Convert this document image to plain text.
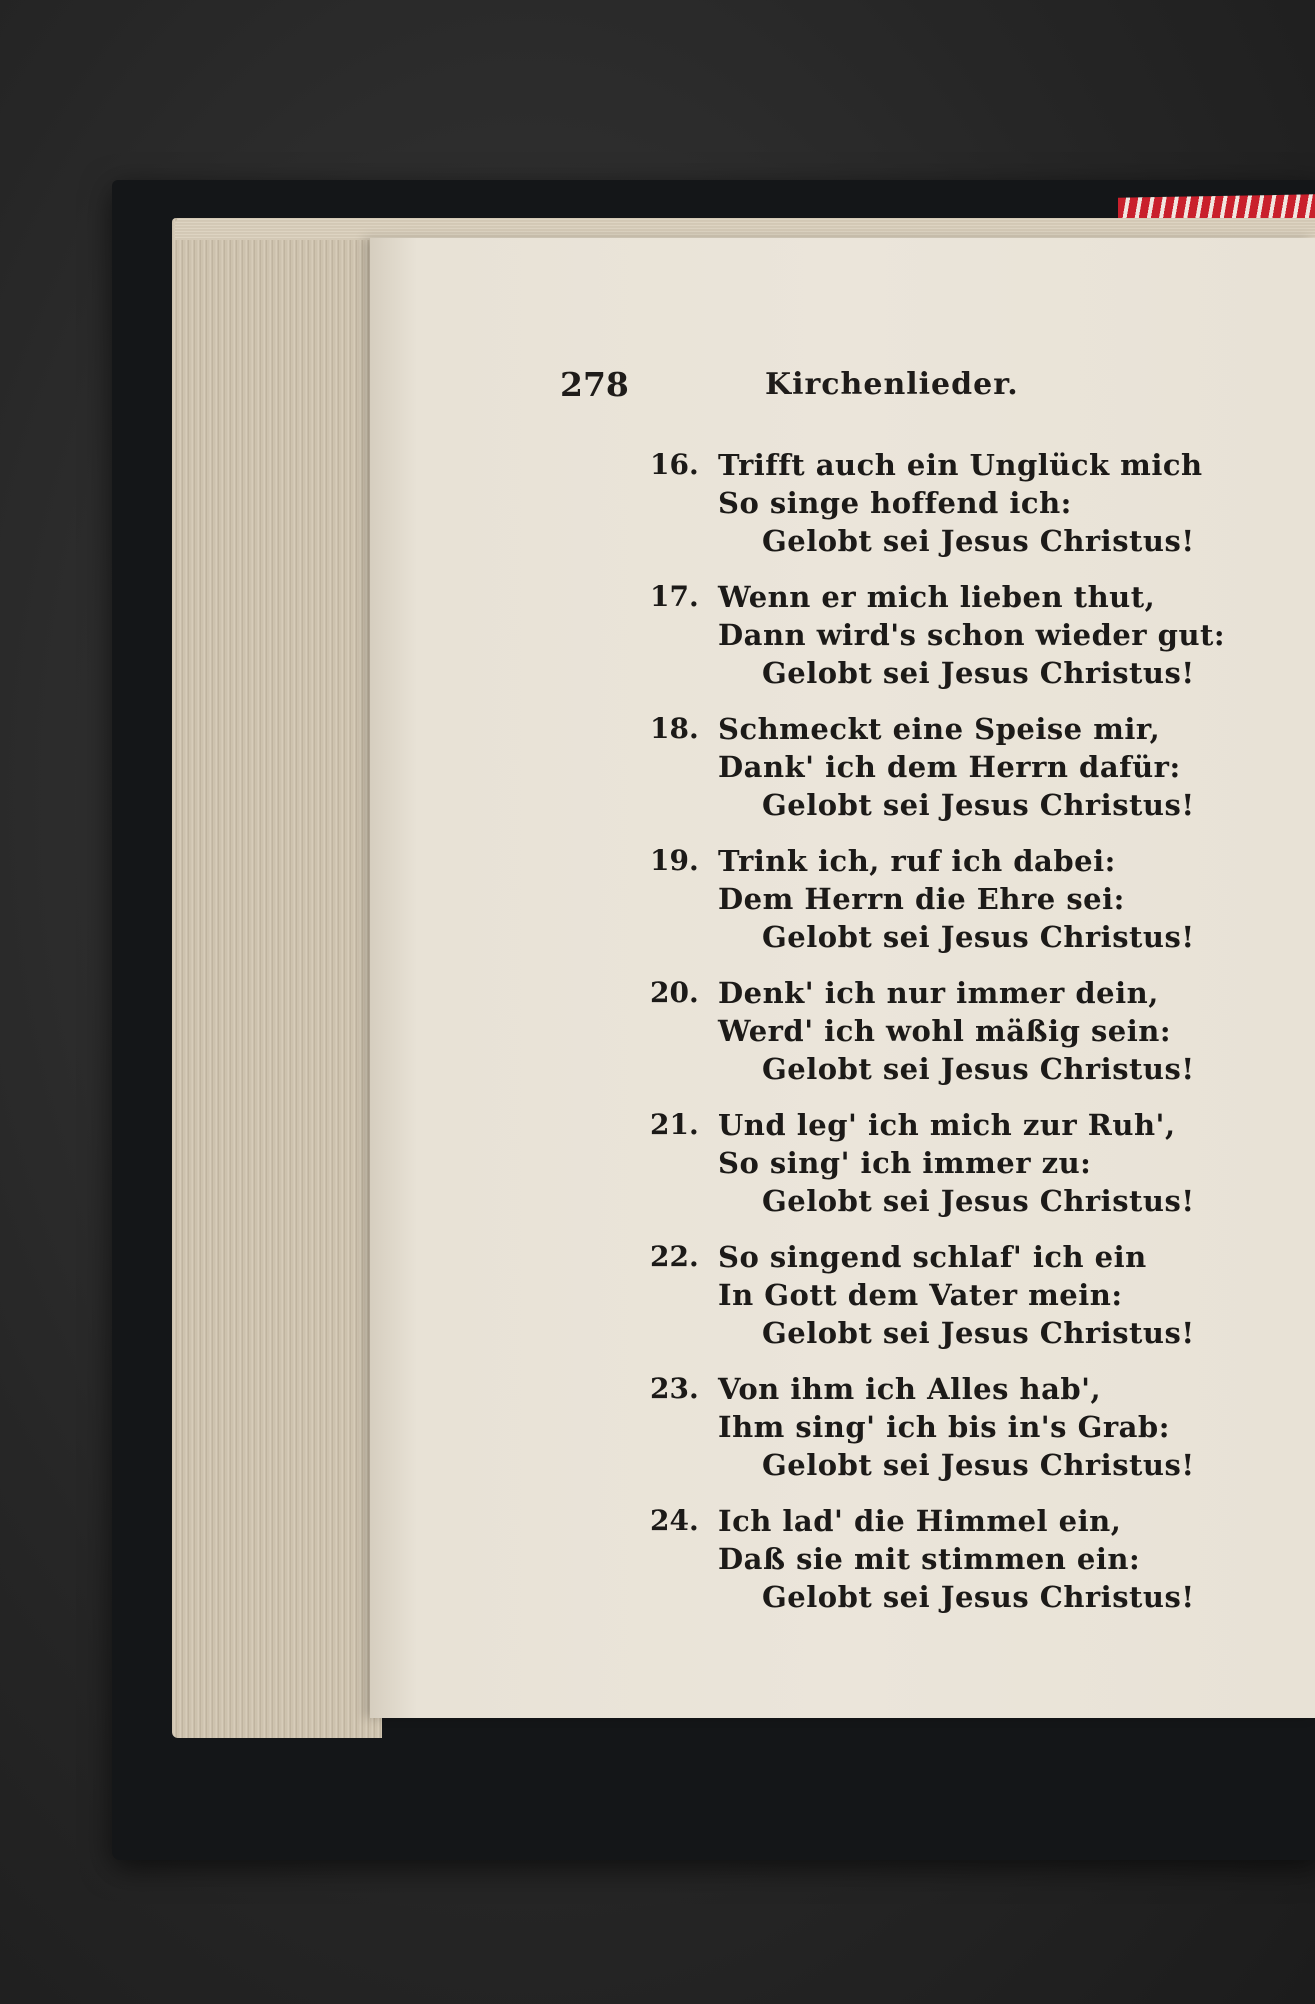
278	Kirchenlieder.
16. Trifft auch ein Unglück mich
So singe hoffend ich:
Gelobt sei Jesus Christus!
17. Wenn er mich lieben thut,
Dann wird's schon wieder gut:
Gelobt sei Jesus Christus!
18. Schmeckt eine Speise mir,
Dank' ich dem Herrn dafür:
Gelobt sei Jesus Christus!
19. Trink ich, ruf ich dabei:
Dem Herrn die Ehre sei:
Gelobt sei Jesus Christus!
20. Denk' ich nur immer dein,
Werd' ich wohl mäßig sein:
Gelobt sei Jesus Christus!
21. Und leg' ich mich zur Ruh',
So sing' ich immer zu:
Gelobt sei Jesus Christus!
22. So singend schlaf' ich ein
In Gott dem Vater mein:
Gelobt sei Jesus Christus!
23. Von ihm ich Alles hab',
Ihm sing' ich bis in's Grab:
Gelobt sei Jesus Christus!
24. Ich lad' die Himmel ein,
Daß sie mit stimmen ein:
Gelobt sei Jesus Christus!
